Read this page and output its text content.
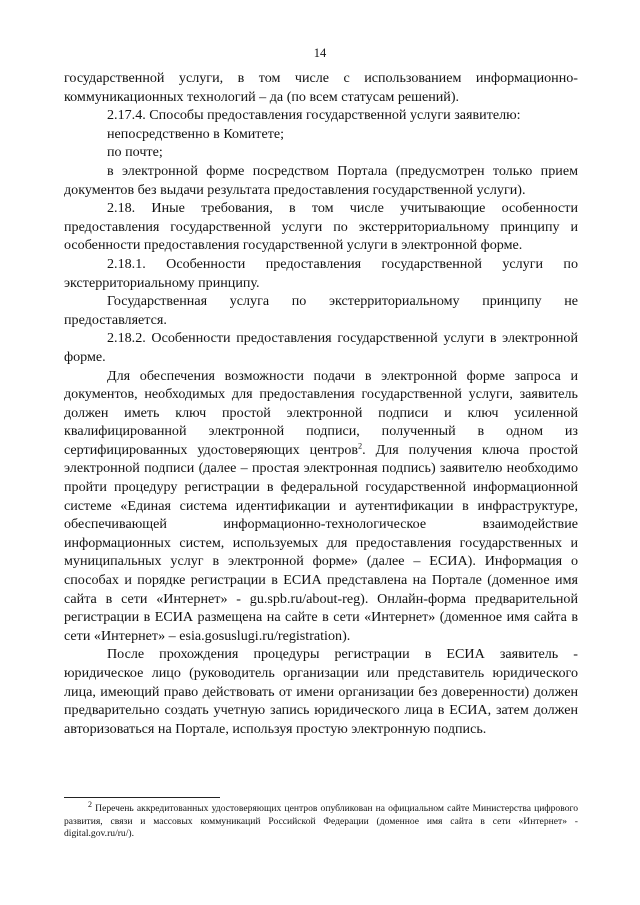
14

государственной услуги, в том числе с использованием информационно-коммуникационных технологий – да (по всем статусам решений).

2.17.4. Способы предоставления государственной услуги заявителю:

непосредственно в Комитете;

по почте;

в электронной форме посредством Портала (предусмотрен только прием документов без выдачи результата предоставления государственной услуги).

2.18. Иные требования, в том числе учитывающие особенности предоставления государственной услуги по экстерриториальному принципу и особенности предоставления государственной услуги в электронной форме.

2.18.1. Особенности предоставления государственной услуги по экстерриториальному принципу.

Государственная услуга по экстерриториальному принципу не предоставляется.

2.18.2. Особенности предоставления государственной услуги в электронной форме.

Для обеспечения возможности подачи в электронной форме запроса и документов, необходимых для предоставления государственной услуги, заявитель должен иметь ключ простой электронной подписи и ключ усиленной квалифицированной электронной подписи, полученный в одном из сертифицированных удостоверяющих центров$^2$. Для получения ключа простой электронной подписи (далее – простая электронная подпись) заявителю необходимо пройти процедуру регистрации в федеральной государственной информационной системе «Единая система идентификации и аутентификации в инфраструктуре, обеспечивающей информационно-технологическое взаимодействие информационных систем, используемых для предоставления государственных и муниципальных услуг в электронной форме» (далее – ЕСИА). Информация о способах и порядке регистрации в ЕСИА представлена на Портале (доменное имя сайта в сети «Интернет» - gu.spb.ru/about-reg). Онлайн-форма предварительной регистрации в ЕСИА размещена на сайте в сети «Интернет» (доменное имя сайта в сети «Интернет» – esia.gosuslugi.ru/registration).

После прохождения процедуры регистрации в ЕСИА заявитель - юридическое лицо (руководитель организации или представитель юридического лица, имеющий право действовать от имени организации без доверенности) должен предварительно создать учетную запись юридического лица в ЕСИА, затем должен авторизоваться на Портале, используя простую электронную подпись.

$^2$ Перечень аккредитованных удостоверяющих центров опубликован на официальном сайте Министерства цифрового развития, связи и массовых коммуникаций Российской Федерации (доменное имя сайта в сети «Интернет» - digital.gov.ru/ru/).
